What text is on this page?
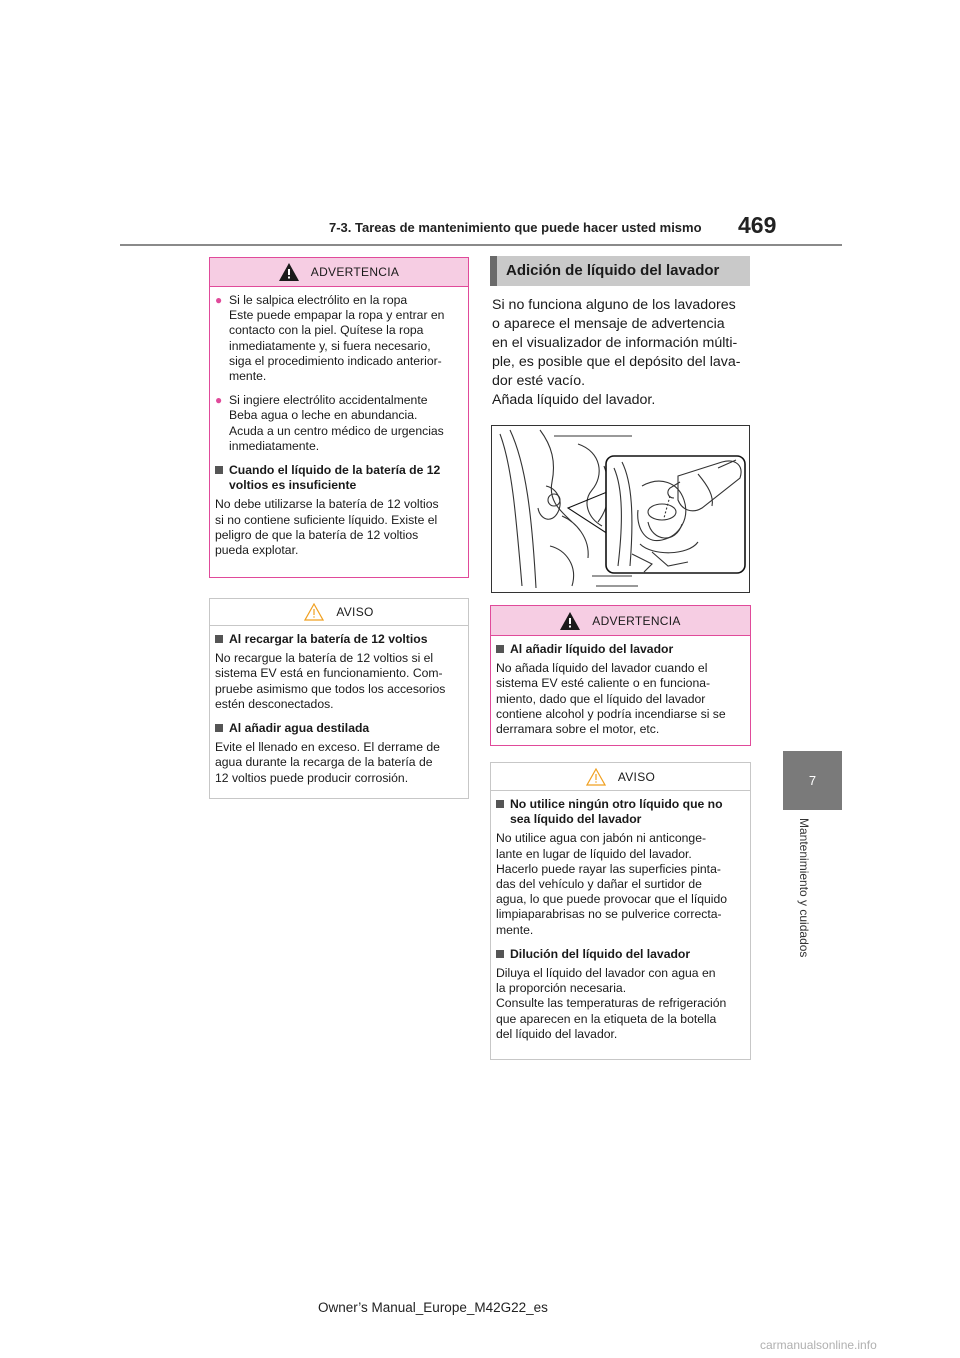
7-3. Tareas de mantenimiento que puede hacer usted mismo 469
7
Mantenimiento y cuidados
ADVERTENCIA
● Si le salpica electrólito en la ropa
Este puede empapar la ropa y entrar en
contacto con la piel. Quítese la ropa
inmediatamente y, si fuera necesario,
siga el procedimiento indicado anterior-
mente.
● Si ingiere electrólito accidentalmente
Beba agua o leche en abundancia.
Acuda a un centro médico de urgencias
inmediatamente.
Cuando el líquido de la batería de 12
voltios es insuficiente
No debe utilizarse la batería de 12 voltios
si no contiene suficiente líquido. Existe el
peligro de que la batería de 12 voltios
pueda explotar.
AVISO
Al recargar la batería de 12 voltios
No recargue la batería de 12 voltios si el
sistema EV está en funcionamiento. Com-
pruebe asimismo que todos los accesorios
estén desconectados.
Al añadir agua destilada
Evite el llenado en exceso. El derrame de
agua durante la recarga de la batería de
12 voltios puede producir corrosión.
Adición de líquido del lavador
Si no funciona alguno de los lavadores
o aparece el mensaje de advertencia
en el visualizador de información múlti-
ple, es posible que el depósito del lava-
dor esté vacío.
Añada líquido del lavador.
ADVERTENCIA
Al añadir líquido del lavador
No añada líquido del lavador cuando el
sistema EV esté caliente o en funciona-
miento, dado que el líquido del lavador
contiene alcohol y podría incendiarse si se
derramara sobre el motor, etc.
AVISO
No utilice ningún otro líquido que no
sea líquido del lavador
No utilice agua con jabón ni anticonge-
lante en lugar de líquido del lavador.
Hacerlo puede rayar las superficies pinta-
das del vehículo y dañar el surtidor de
agua, lo que puede provocar que el líquido
limpiaparabrisas no se pulverice correcta-
mente.
Dilución del líquido del lavador
Diluya el líquido del lavador con agua en
la proporción necesaria.
Consulte las temperaturas de refrigeración
que aparecen en la etiqueta de la botella
del líquido del lavador.
Owner’s Manual_Europe_M42G22_es
carmanualsonline.info
